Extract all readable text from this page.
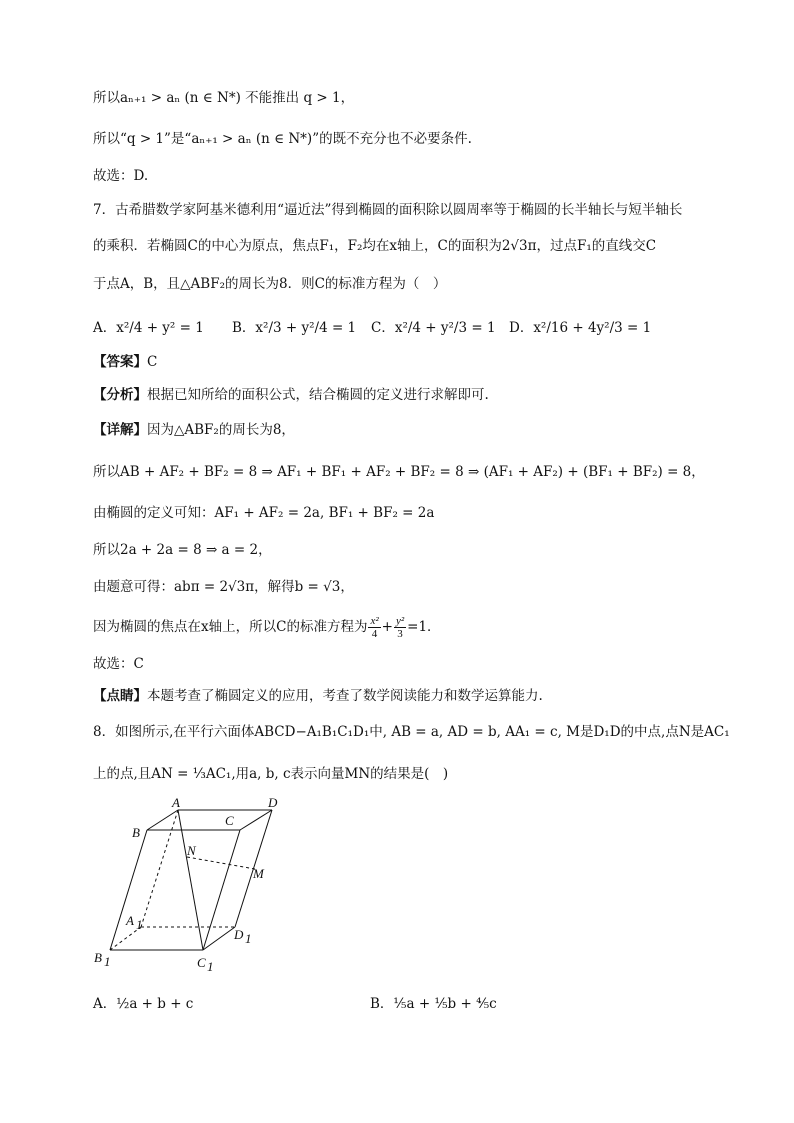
所以aₙ₊₁ > aₙ (n ∈ N*) 不能推出 q > 1，
所以“q > 1”是“aₙ₊₁ > aₙ (n ∈ N*)”的既不充分也不必要条件.
故选：D.
7．古希腊数学家阿基米德利用“逼近法”得到椭圆的面积除以圆周率等于椭圆的长半轴长与短半轴长
的乘积．若椭圆C的中心为原点，焦点F₁，F₂均在x轴上，C的面积为2√3π，过点F₁的直线交C
于点A，B，且△ABF₂的周长为8．则C的标准方程为（　）
A．x²/4 + y² = 1 B．x²/3 + y²/4 = 1 C．x²/4 + y²/3 = 1 D．x²/16 + 4y²/3 = 1
【答案】C
【分析】根据已知所给的面积公式，结合椭圆的定义进行求解即可.
【详解】因为△ABF₂的周长为8，
所以AB + AF₂ + BF₂ = 8 ⇒ AF₁ + BF₁ + AF₂ + BF₂ = 8 ⇒ (AF₁ + AF₂) + (BF₁ + BF₂) = 8，
由椭圆的定义可知：AF₁ + AF₂ = 2a, BF₁ + BF₂ = 2a
所以2a + 2a = 8 ⇒ a = 2，
由题意可得：abπ = 2√3π，解得b = √3，
因为椭圆的焦点在x轴上，所以C的标准方程为 $\frac{\text{x²}}{4} + \frac{\text{y²}}{3} =1$．
故选：C
【点睛】本题考查了椭圆定义的应用，考查了数学阅读能力和数学运算能力.
8．如图所示,在平行六面体ABCD−A₁B₁C₁D₁中, AB = a, AD = b, AA₁ = c, M是D₁D的中点,点N是AC₁
上的点,且AN = ⅓AC₁,用a, b, c表示向量MN的结果是(　)
A
B
C
D
N
M
A 1
B 1	C 1
D 1
A．½a + b + c	B．⅕a + ⅕b + ⅘c
